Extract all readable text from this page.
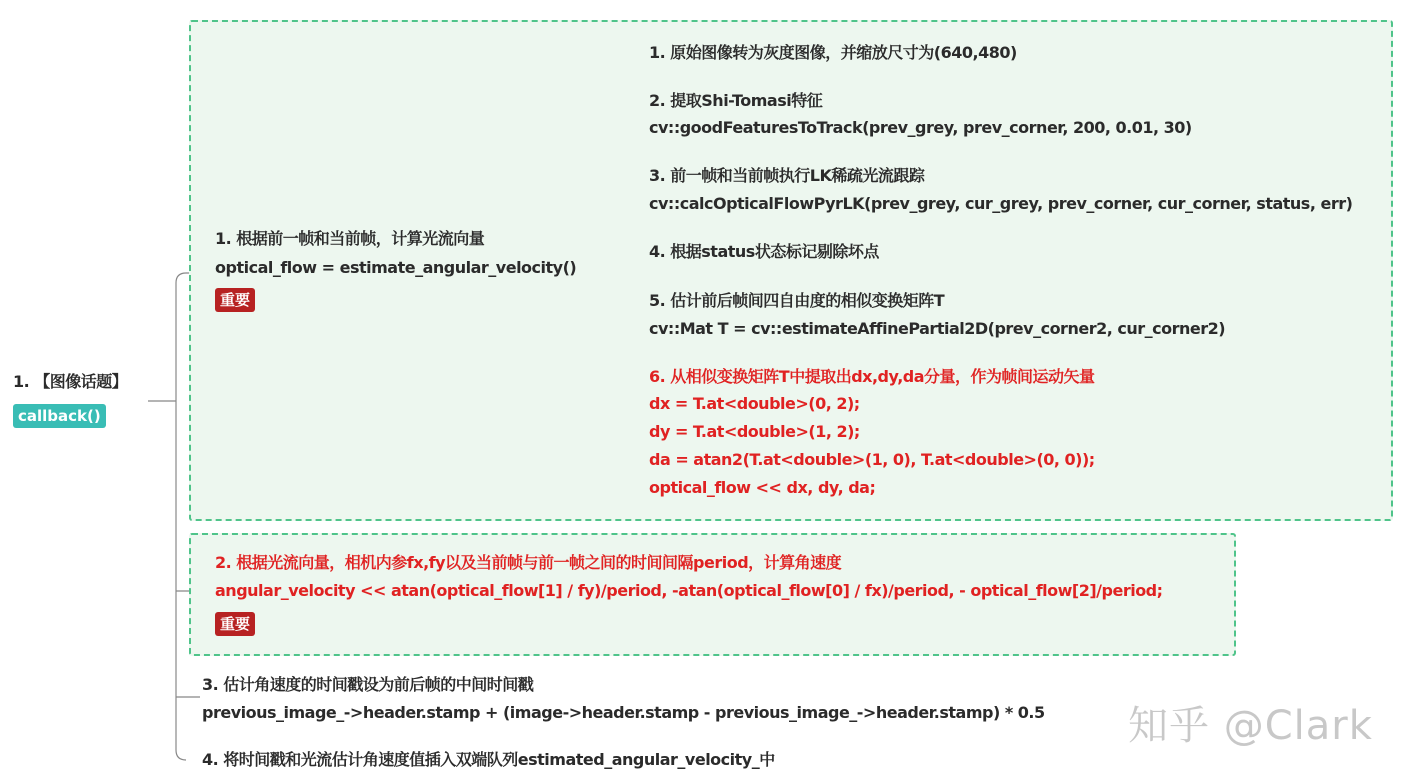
1. 【图像话题】
callback()
1. 根据前一帧和当前帧，计算光流向量
optical_flow = estimate_angular_velocity()
重要
1. 原始图像转为灰度图像，并缩放尺寸为(640,480)
2. 提取Shi-Tomasi特征
cv::goodFeaturesToTrack(prev_grey, prev_corner, 200, 0.01, 30)
3. 前一帧和当前帧执行LK稀疏光流跟踪
cv::calcOpticalFlowPyrLK(prev_grey, cur_grey, prev_corner, cur_corner, status, err)
4. 根据status状态标记剔除坏点
5. 估计前后帧间四自由度的相似变换矩阵T
cv::Mat T = cv::estimateAffinePartial2D(prev_corner2, cur_corner2)
6. 从相似变换矩阵T中提取出dx,dy,da分量，作为帧间运动矢量
dx = T.at<double>(0, 2);
dy = T.at<double>(1, 2);
da = atan2(T.at<double>(1, 0), T.at<double>(0, 0));
optical_flow << dx, dy, da;
2. 根据光流向量，相机内参fx,fy以及当前帧与前一帧之间的时间间隔period，计算角速度
angular_velocity << atan(optical_flow[1] / fy)/period, -atan(optical_flow[0] / fx)/period, - optical_flow[2]/period;
重要
3. 估计角速度的时间戳设为前后帧的中间时间戳
previous_image_->header.stamp + (image->header.stamp - previous_image_->header.stamp) * 0.5
4. 将时间戳和光流估计角速度值插入双端队列estimated_angular_velocity_中
知乎 @Clark
